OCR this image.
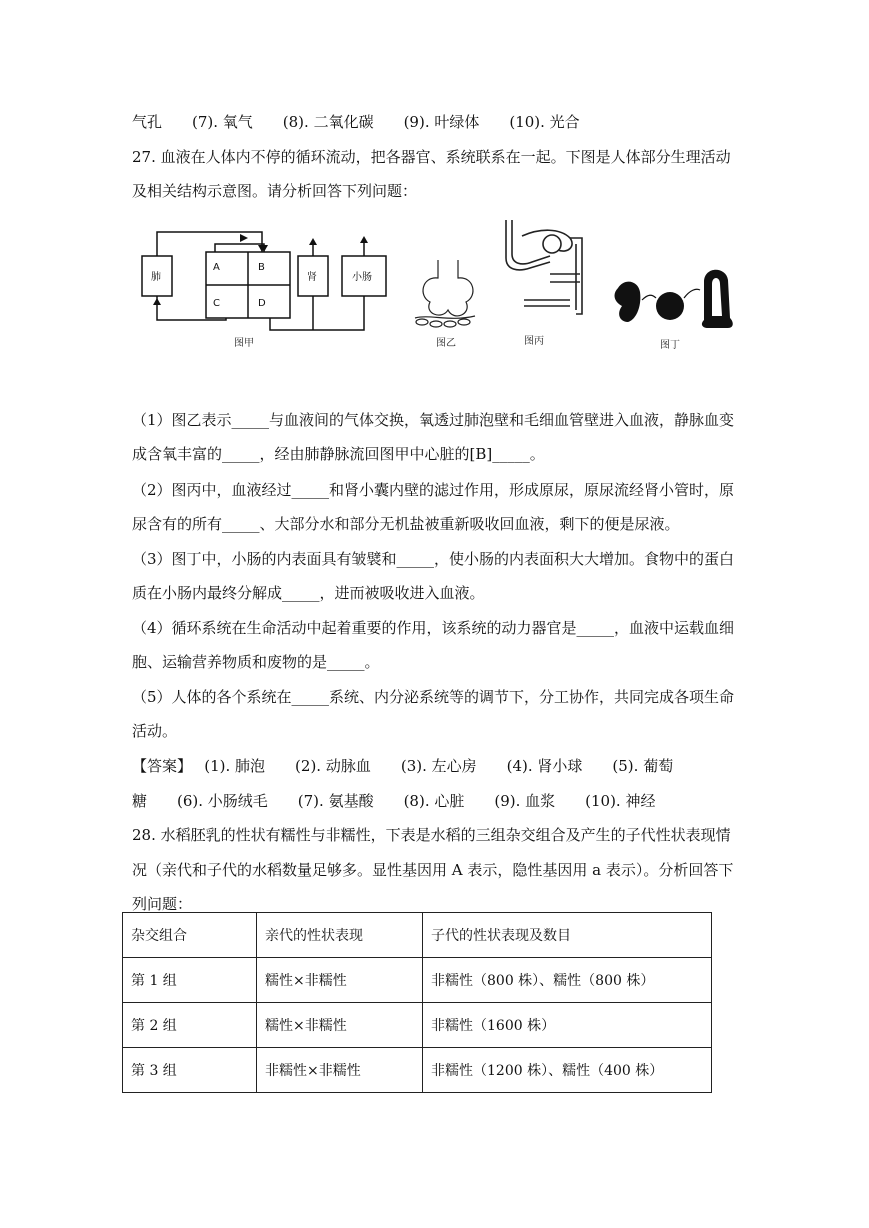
气孔　　(7). 氧气　　(8). 二氧化碳　　(9). 叶绿体　　(10). 光合
27. 血液在人体内不停的循环流动，把各器官、系统联系在一起。下图是人体部分生理活动
及相关结构示意图。请分析回答下列问题：
肺
A
C
B
D
肾	小肠
图甲	图乙	图丙	图丁
（1）图乙表示_____与血液间的气体交换，氧透过肺泡壁和毛细血管壁进入血液，静脉血变
成含氧丰富的_____，经由肺静脉流回图甲中心脏的[B]_____。
（2）图丙中，血液经过_____和肾小囊内壁的滤过作用，形成原尿，原尿流经肾小管时，原
尿含有的所有_____、大部分水和部分无机盐被重新吸收回血液，剩下的便是尿液。
（3）图丁中，小肠的内表面具有皱襞和_____，使小肠的内表面积大大增加。食物中的蛋白
质在小肠内最终分解成_____，进而被吸收进入血液。
（4）循环系统在生命活动中起着重要的作用，该系统的动力器官是_____，血液中运载血细
胞、运输营养物质和废物的是_____。
（5）人体的各个系统在_____系统、内分泌系统等的调节下，分工协作，共同完成各项生命
活动。
【答案】　 (1). 肺泡　　(2). 动脉血　　(3). 左心房　　(4). 肾小球　　(5). 葡萄
糖　　(6). 小肠绒毛　　(7). 氨基酸　　(8). 心脏　　(9). 血浆　　(10). 神经
28. 水稻胚乳的性状有糯性与非糯性，下表是水稻的三组杂交组合及产生的子代性状表现情
况（亲代和子代的水稻数量足够多。显性基因用 A 表示，隐性基因用 a 表示）。分析回答下
列问题：
杂交组合	亲代的性状表现	子代的性状表现及数目
第 1 组	糯性×非糯性	非糯性（800 株）、糯性（800 株）
第 2 组	糯性×非糯性	非糯性（1600 株）
第 3 组	非糯性×非糯性	非糯性（1200 株）、糯性（400 株）
